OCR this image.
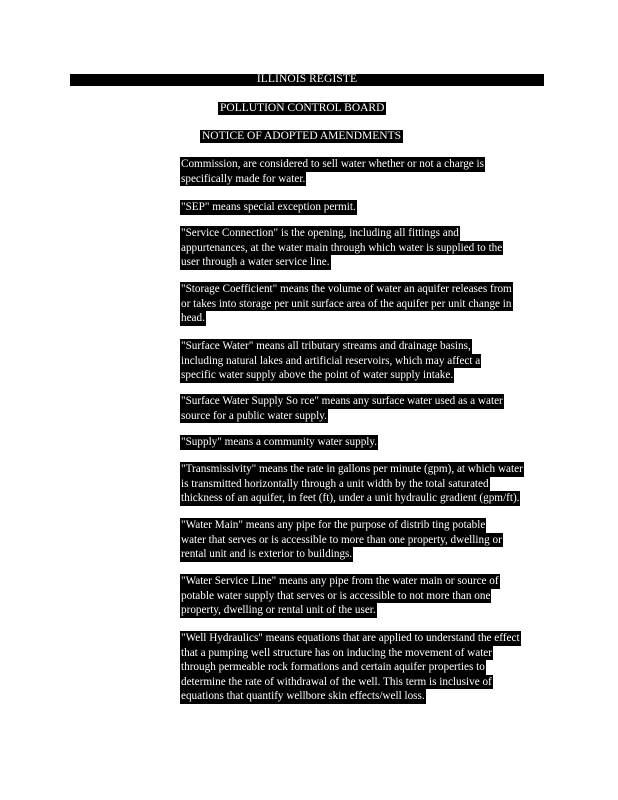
ILLINOIS REGISTE
POLLUTION CONTROL BOARD
NOTICE OF ADOPTED AMENDMENTS

Commission, are considered to sell water whether or not a charge is
specifically made for water.

"SEP" means special exception permit.

"Service Connection" is the opening, including all fittings and
appurtenances, at the water main through which water is supplied to the
user through a water service line.

"Storage Coefficient" means the volume of water an aquifer releases from
or takes into storage per unit surface area of the aquifer per unit change in
head.

"Surface Water" means all tributary streams and drainage basins,
including natural lakes and artificial reservoirs, which may affect a
specific water supply above the point of water supply intake.

"Surface Water Supply So rce" means any surface water used as a water
source for a public water supply.

"Supply" means a community water supply.

"Transmissivity" means the rate in gallons per minute (gpm), at which water
is transmitted horizontally through a unit width by the total saturated
thickness of an aquifer, in feet (ft), under a unit hydraulic gradient (gpm/ft).

"Water Main" means any pipe for the purpose of distrib ting potable
water that serves or is accessible to more than one property, dwelling or
rental unit and is exterior to buildings.

"Water Service Line" means any pipe from the water main or source of
potable water supply that serves or is accessible to not more than one
property, dwelling or rental unit of the user.

"Well Hydraulics" means equations that are applied to understand the effect
that a pumping well structure has on inducing the movement of water
through permeable rock formations and certain aquifer properties to
determine the rate of withdrawal of the well. This term is inclusive of
equations that quantify wellbore skin effects/well loss.
